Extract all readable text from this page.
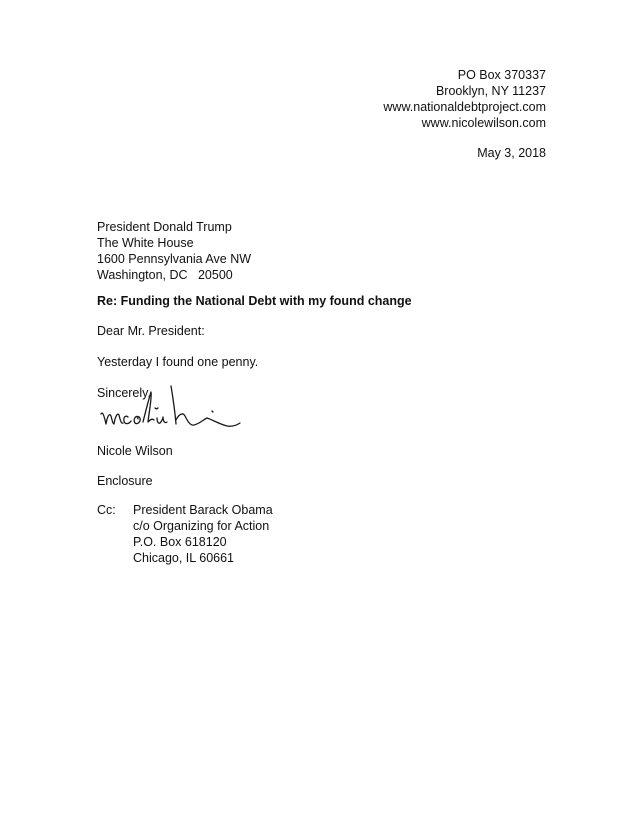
PO Box 370337
Brooklyn, NY 11237
www.nationaldebtproject.com
www.nicolewilson.com
May 3, 2018
President Donald Trump
The White House
1600 Pennsylvania Ave NW
Washington, DC   20500
Re: Funding the National Debt with my found change
Dear Mr. President:
Yesterday I found one penny.
Sincerely,
Nicole Wilson
Enclosure
Cc: President Barack Obama
c/o Organizing for Action
P.O. Box 618120
Chicago, IL 60661
